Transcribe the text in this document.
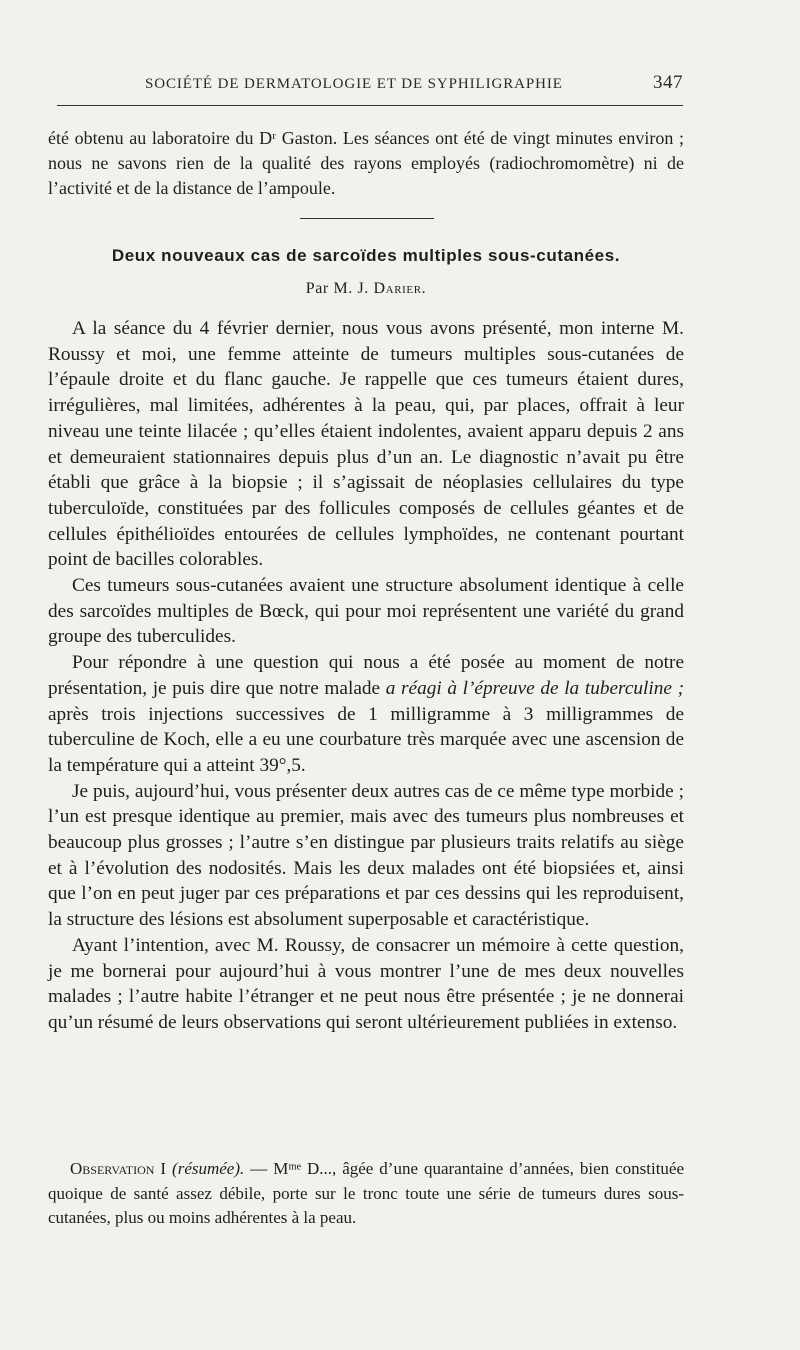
SOCIÉTÉ DE DERMATOLOGIE ET DE SYPHILIGRAPHIE	347

été obtenu au laboratoire du Dʳ Gaston. Les séances ont été de vingt minutes environ ; nous ne savons rien de la qualité des rayons employés (radiochromomètre) ni de l’activité et de la distance de l’ampoule.

Deux nouveaux cas de sarcoïdes multiples sous-cutanées.
Par M. J. Darier.

A la séance du 4 février dernier, nous vous avons présenté, mon interne M. Roussy et moi, une femme atteinte de tumeurs multiples sous-cutanées de l’épaule droite et du flanc gauche. Je rappelle que ces tumeurs étaient dures, irrégulières, mal limitées, adhérentes à la peau, qui, par places, offrait à leur niveau une teinte lilacée ; qu’elles étaient indolentes, avaient apparu depuis 2 ans et demeuraient stationnaires depuis plus d’un an. Le diagnostic n’avait pu être établi que grâce à la biopsie ; il s’agissait de néoplasies cellulaires du type tuberculoïde, constituées par des follicules composés de cellules géantes et de cellules épithélioïdes entourées de cellules lymphoïdes, ne contenant pourtant point de bacilles colorables.

Ces tumeurs sous-cutanées avaient une structure absolument identique à celle des sarcoïdes multiples de Bœck, qui pour moi représentent une variété du grand groupe des tuberculides.

Pour répondre à une question qui nous a été posée au moment de notre présentation, je puis dire que notre malade a réagi à l’épreuve de la tuberculine ; après trois injections successives de 1 milligramme à 3 milligrammes de tuberculine de Koch, elle a eu une courbature très marquée avec une ascension de la température qui a atteint 39°,5.

Je puis, aujourd’hui, vous présenter deux autres cas de ce même type morbide ; l’un est presque identique au premier, mais avec des tumeurs plus nombreuses et beaucoup plus grosses ; l’autre s’en distingue par plusieurs traits relatifs au siège et à l’évolution des nodosités. Mais les deux malades ont été biopsiées et, ainsi que l’on en peut juger par ces préparations et par ces dessins qui les reproduisent, la structure des lésions est absolument superposable et caractéristique.

Ayant l’intention, avec M. Roussy, de consacrer un mémoire à cette question, je me bornerai pour aujourd’hui à vous montrer l’une de mes deux nouvelles malades ; l’autre habite l’étranger et ne peut nous être présentée ; je ne donnerai qu’un résumé de leurs observations qui seront ultérieurement publiées in extenso.

Observation I (résumée). — Mᵐᵉ D..., âgée d’une quarantaine d’années, bien constituée quoique de santé assez débile, porte sur le tronc toute une série de tumeurs dures sous-cutanées, plus ou moins adhérentes à la peau.
